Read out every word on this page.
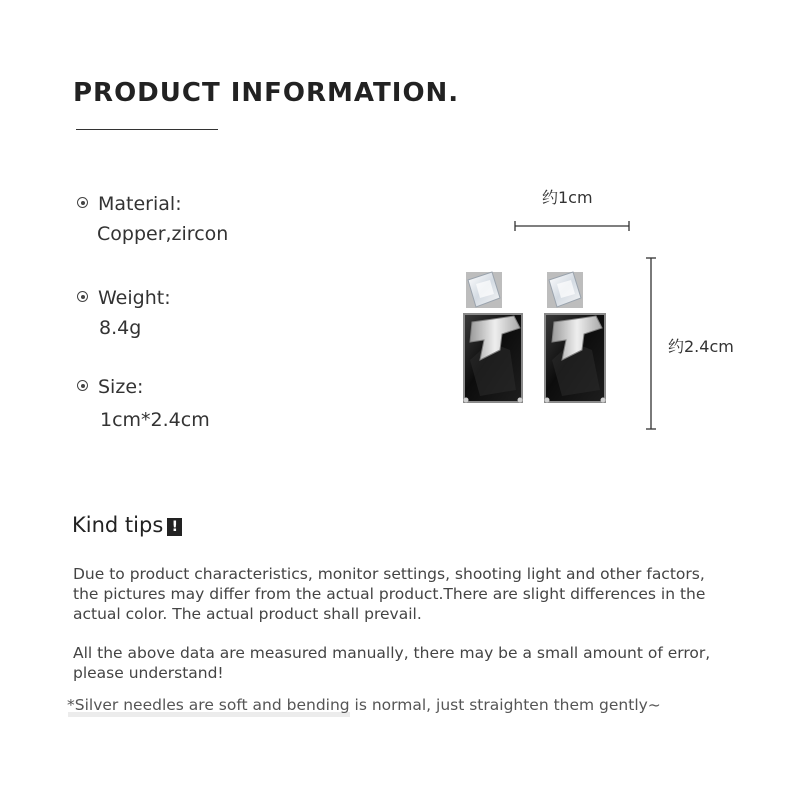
PRODUCT INFORMATION.
Material:
Copper,zircon
Weight:
8.4g
Size:
1cm*2.4cm
约1cm
约2.4cm
Kind tips !
Due to product characteristics, monitor settings, shooting light and other factors, the pictures may differ from the actual product.There are slight differences in the actual color. The actual product shall prevail.
All the above data are measured manually, there may be a small amount of error, please understand!
*Silver needles are soft and bending is normal, just straighten them gently~
